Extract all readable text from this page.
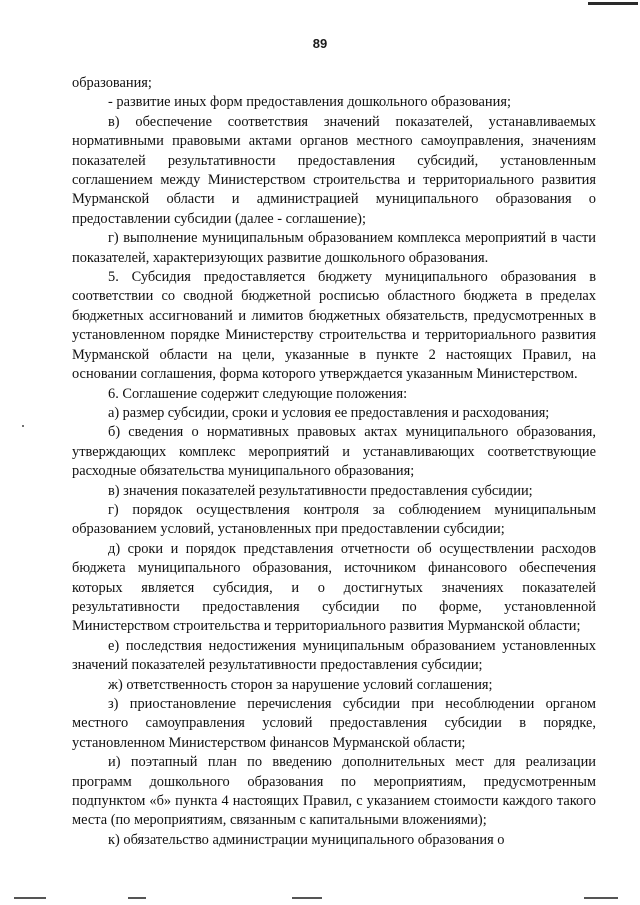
89

образования;

- развитие иных форм предоставления дошкольного образования;

в) обеспечение соответствия значений показателей, устанавливаемых нормативными правовыми актами органов местного самоуправления, значениям показателей результативности предоставления субсидий, установленным соглашением между Министерством строительства и территориального развития Мурманской области и администрацией муниципального образования о предоставлении субсидии (далее - соглашение);

г) выполнение муниципальным образованием комплекса мероприятий в части показателей, характеризующих развитие дошкольного образования.

5. Субсидия предоставляется бюджету муниципального образования в соответствии со сводной бюджетной росписью областного бюджета в пределах бюджетных ассигнований и лимитов бюджетных обязательств, предусмотренных в установленном порядке Министерству строительства и территориального развития Мурманской области на цели, указанные в пункте 2 настоящих Правил, на основании соглашения, форма которого утверждается указанным Министерством.

6. Соглашение содержит следующие положения:

а) размер субсидии, сроки и условия ее предоставления и расходования;

б) сведения о нормативных правовых актах муниципального образования, утверждающих комплекс мероприятий и устанавливающих соответствующие расходные обязательства муниципального образования;

в) значения показателей результативности предоставления субсидии;

г) порядок осуществления контроля за соблюдением муниципальным образованием условий, установленных при предоставлении субсидии;

д) сроки и порядок представления отчетности об осуществлении расходов бюджета муниципального образования, источником финансового обеспечения которых является субсидия, и о достигнутых значениях показателей результативности предоставления субсидии по форме, установленной Министерством строительства и территориального развития Мурманской области;

е) последствия недостижения муниципальным образованием установленных значений показателей результативности предоставления субсидии;

ж) ответственность сторон за нарушение условий соглашения;

з) приостановление перечисления субсидии при несоблюдении органом местного самоуправления условий предоставления субсидии в порядке, установленном Министерством финансов Мурманской области;

и) поэтапный план по введению дополнительных мест для реализации программ дошкольного образования по мероприятиям, предусмотренным подпунктом «б» пункта 4 настоящих Правил, с указанием стоимости каждого такого места (по мероприятиям, связанным с капитальными вложениями);

к) обязательство администрации муниципального образования о
